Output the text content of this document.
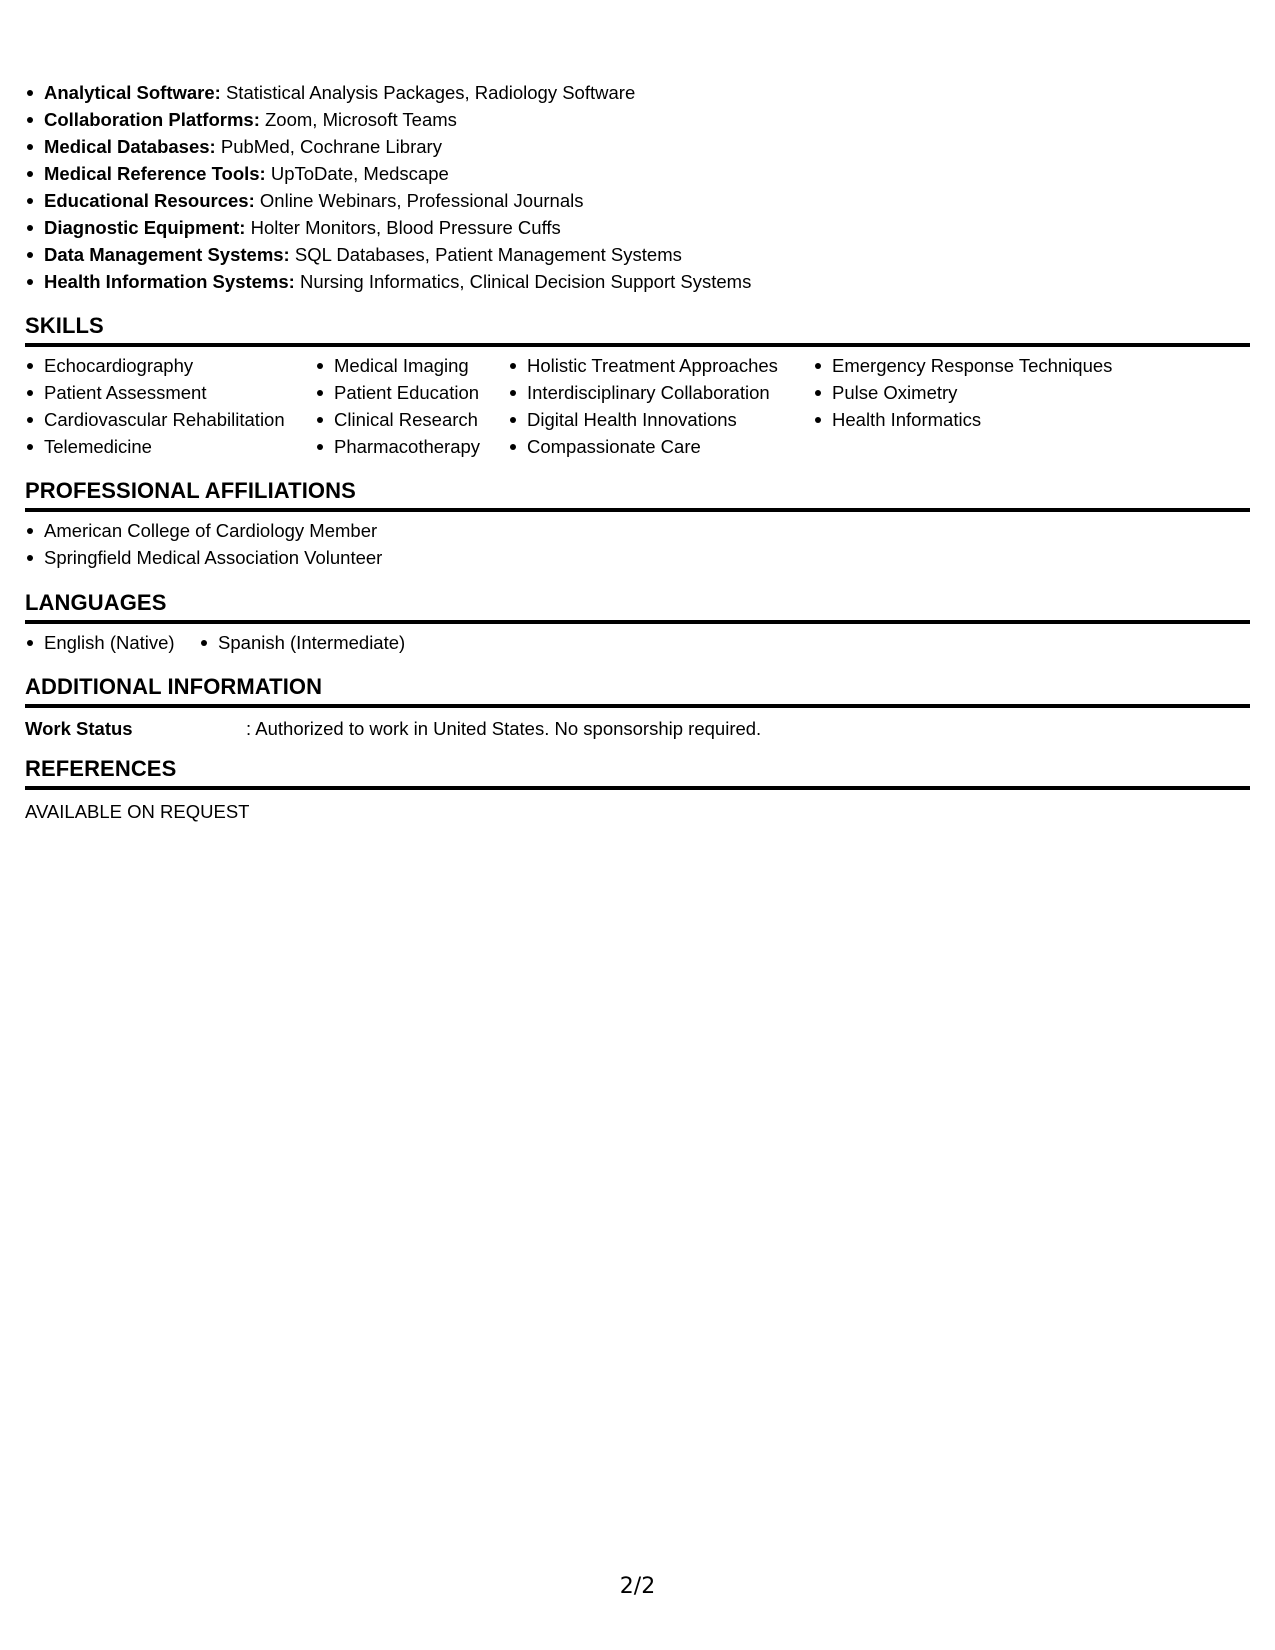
Analytical Software: Statistical Analysis Packages, Radiology Software
Collaboration Platforms: Zoom, Microsoft Teams
Medical Databases: PubMed, Cochrane Library
Medical Reference Tools: UpToDate, Medscape
Educational Resources: Online Webinars, Professional Journals
Diagnostic Equipment: Holter Monitors, Blood Pressure Cuffs
Data Management Systems: SQL Databases, Patient Management Systems
Health Information Systems: Nursing Informatics, Clinical Decision Support Systems
SKILLS
Echocardiography
Patient Assessment
Cardiovascular Rehabilitation
Telemedicine
Medical Imaging
Patient Education
Clinical Research
Pharmacotherapy
Holistic Treatment Approaches
Interdisciplinary Collaboration
Digital Health Innovations
Compassionate Care
Emergency Response Techniques
Pulse Oximetry
Health Informatics
PROFESSIONAL AFFILIATIONS
American College of Cardiology Member
Springfield Medical Association Volunteer
LANGUAGES
English (Native) Spanish (Intermediate)
ADDITIONAL INFORMATION
Work Status	: Authorized to work in United States. No sponsorship required.
REFERENCES
AVAILABLE ON REQUEST
2/2
